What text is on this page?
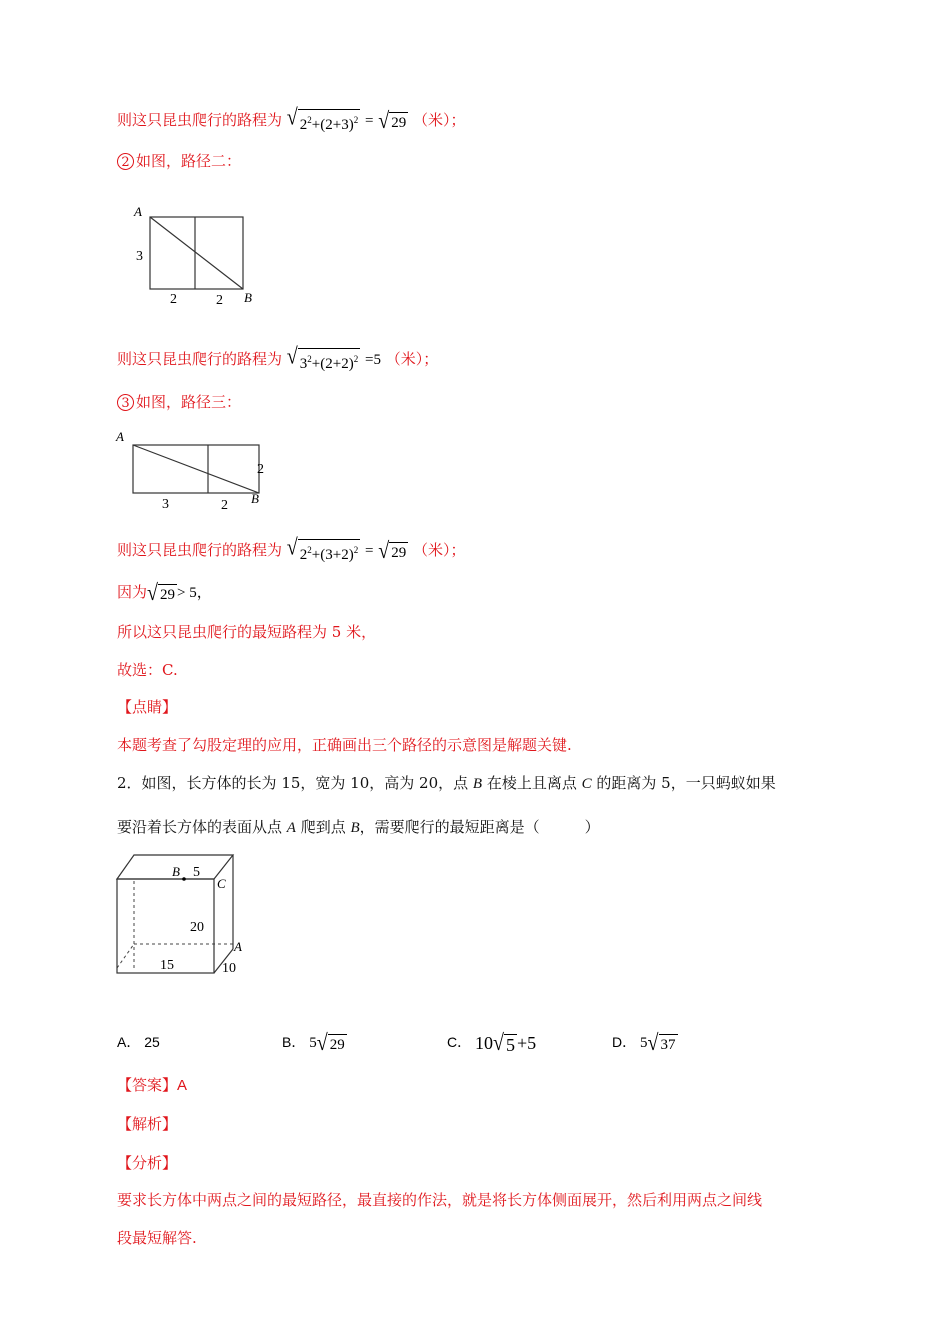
则这只昆虫爬行的路程为 √ $2^2+(2+3)^2$ = √ 29 （米）；
2 如图，路径二：
A
3
2	2 B
则这只昆虫爬行的路程为 √ $3^2+(2+2)^2 =5$ （米）；
3 如图，路径三：
A
2
3	2 B
则这只昆虫爬行的路程为 √ $2^2+(3+2)^2$ = √ 29 （米）；
因为 √ 29 > 5，
所以这只昆虫爬行的最短路程为 5 米，
故选：C.
【点睛】
本题考查了勾股定理的应用，正确画出三个路径的示意图是解题关键.
2．如图，长方体的长为 15，宽为 10，高为 20，点 B 在棱上且离点 C 的距离为 5，一只蚂蚁如果
要沿着长方体的表面从点 A 爬到点 B，需要爬行的最短距离是（　　　）
B 5
C
20
A
15	10
A． 25	B． 5 √ 29	C． 10 √ 5 +5	D． 5 √ 37
【答案】A
【解析】
【分析】
要求长方体中两点之间的最短路径，最直接的作法，就是将长方体侧面展开，然后利用两点之间线
段最短解答.
